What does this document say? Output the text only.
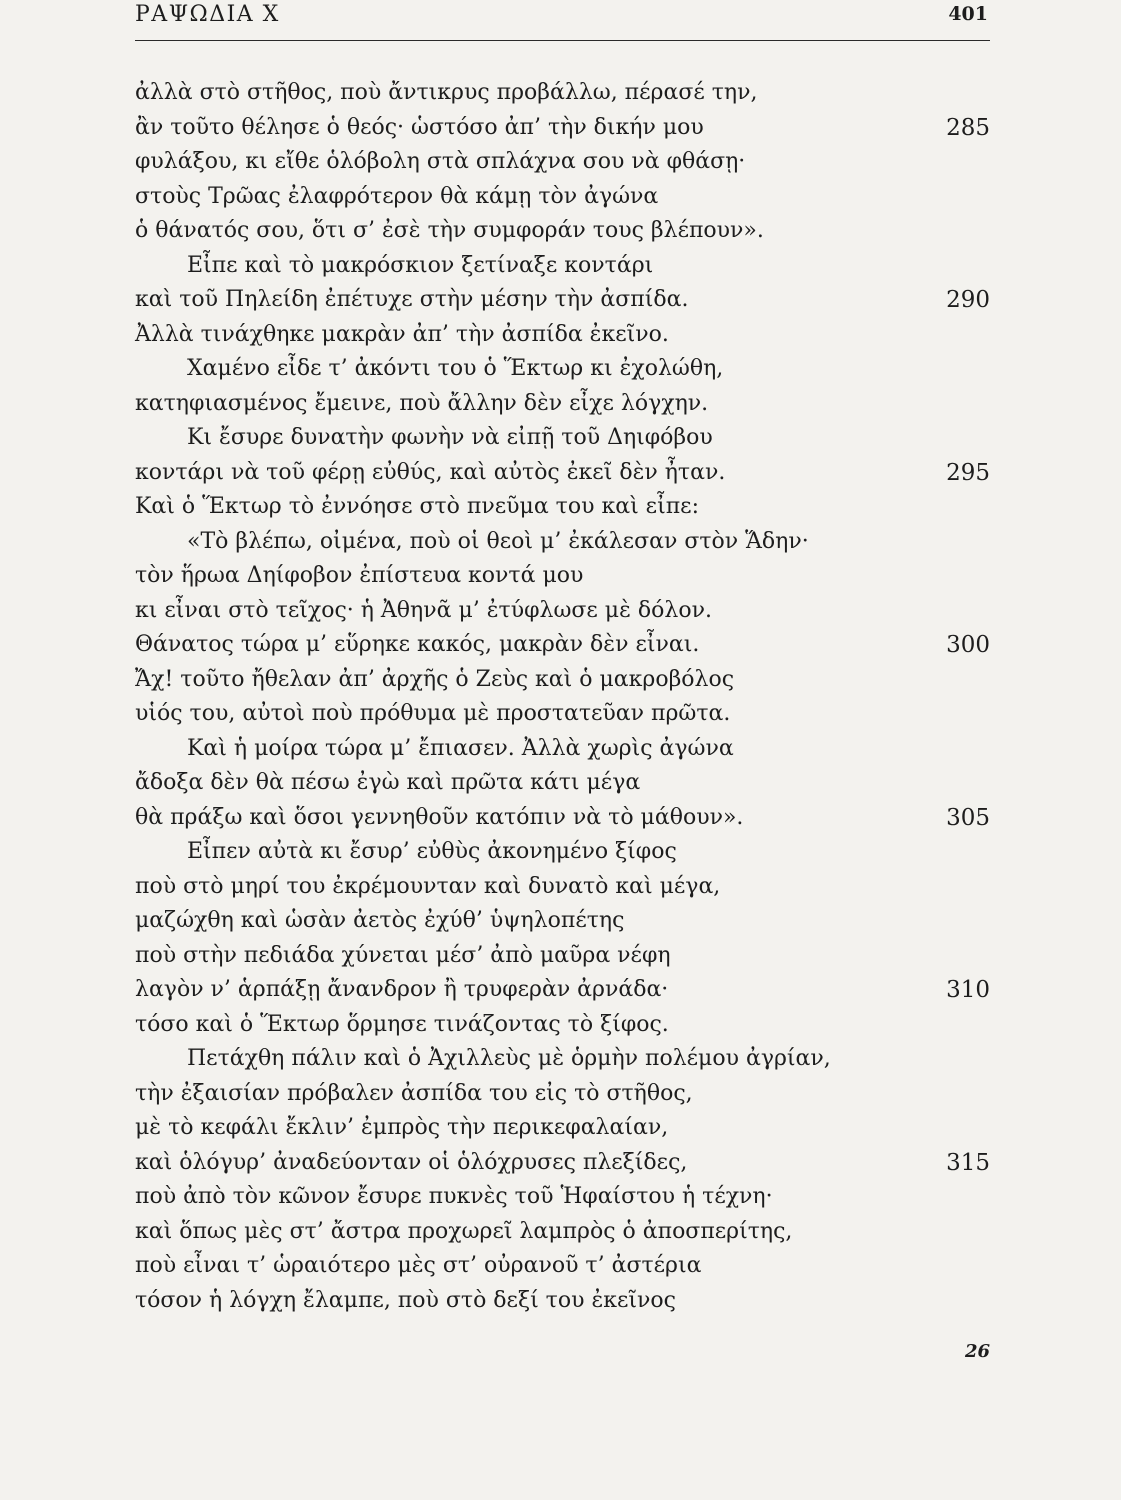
ΡΑΨΩΔΙΑ Χ	401
ἀλλὰ στὸ στῆθος, ποὺ ἄντικρυς προβάλλω, πέρασέ την,
ἂν τοῦτο θέλησε ὁ θεός· ὡστόσο ἀπ’ τὴν δικήν μου	285
φυλάξου, κι εἴθε ὁλόβολη στὰ σπλάχνα σου νὰ φθάσῃ·
στοὺς Τρῶας ἐλαφρότερον θὰ κάμῃ τὸν ἀγώνα
ὁ θάνατός σου, ὅτι σ’ ἐσὲ τὴν συμφοράν τους βλέπουν».
Εἶπε καὶ τὸ μακρόσκιον ξετίναξε κοντάρι
καὶ τοῦ Πηλείδη ἐπέτυχε στὴν μέσην τὴν ἀσπίδα.	290
Ἀλλὰ τινάχθηκε μακρὰν ἀπ’ τὴν ἀσπίδα ἐκεῖνο.
Χαμένο εἶδε τ’ ἀκόντι του ὁ Ἕκτωρ κι ἐχολώθη,
κατηφιασμένος ἔμεινε, ποὺ ἄλλην δὲν εἶχε λόγχην.
Κι ἔσυρε δυνατὴν φωνὴν νὰ εἰπῇ τοῦ Δηιφόβου
κοντάρι νὰ τοῦ φέρῃ εὐθύς, καὶ αὐτὸς ἐκεῖ δὲν ἦταν.	295
Καὶ ὁ Ἕκτωρ τὸ ἐννόησε στὸ πνεῦμα του καὶ εἶπε:
«Τὸ βλέπω, οἰμένα, ποὺ οἱ θεοὶ μ’ ἐκάλεσαν στὸν Ἅδην·
τὸν ἥρωα Δηίφοβον ἐπίστευα κοντά μου
κι εἶναι στὸ τεῖχος· ἡ Ἀθηνᾶ μ’ ἐτύφλωσε μὲ δόλον.
Θάνατος τώρα μ’ εὕρηκε κακός, μακρὰν δὲν εἶναι.	300
Ἄχ! τοῦτο ἤθελαν ἀπ’ ἀρχῆς ὁ Ζεὺς καὶ ὁ μακροβόλος
υἱός του, αὐτοὶ ποὺ πρόθυμα μὲ προστατεῦαν πρῶτα.
Καὶ ἡ μοίρα τώρα μ’ ἔπιασεν. Ἀλλὰ χωρὶς ἀγώνα
ἄδοξα δὲν θὰ πέσω ἐγὼ καὶ πρῶτα κάτι μέγα
θὰ πράξω καὶ ὅσοι γεννηθοῦν κατόπιν νὰ τὸ μάθουν».	305
Εἶπεν αὐτὰ κι ἔσυρ’ εὐθὺς ἀκονημένο ξίφος
ποὺ στὸ μηρί του ἐκρέμουνταν καὶ δυνατὸ καὶ μέγα,
μαζώχθη καὶ ὡσὰν ἀετὸς ἐχύθ’ ὑψηλοπέτης
ποὺ στὴν πεδιάδα χύνεται μέσ’ ἀπὸ μαῦρα νέφη
λαγὸν ν’ ἁρπάξῃ ἄνανδρον ἢ τρυφερὰν ἀρνάδα·	310
τόσο καὶ ὁ Ἕκτωρ ὅρμησε τινάζοντας τὸ ξίφος.
Πετάχθη πάλιν καὶ ὁ Ἀχιλλεὺς μὲ ὁρμὴν πολέμου ἀγρίαν,
τὴν ἐξαισίαν πρόβαλεν ἀσπίδα του εἰς τὸ στῆθος,
μὲ τὸ κεφάλι ἔκλιν’ ἐμπρὸς τὴν περικεφαλαίαν,
καὶ ὁλόγυρ’ ἀναδεύονταν οἱ ὁλόχρυσες πλεξίδες,	315
ποὺ ἀπὸ τὸν κῶνον ἔσυρε πυκνὲς τοῦ Ἡφαίστου ἡ τέχνη·
καὶ ὅπως μὲς στ’ ἄστρα προχωρεῖ λαμπρὸς ὁ ἀποσπερίτης,
ποὺ εἶναι τ’ ὡραιότερο μὲς στ’ οὐρανοῦ τ’ ἀστέρια
τόσον ἡ λόγχη ἔλαμπε, ποὺ στὸ δεξί του ἐκεῖνος
26
